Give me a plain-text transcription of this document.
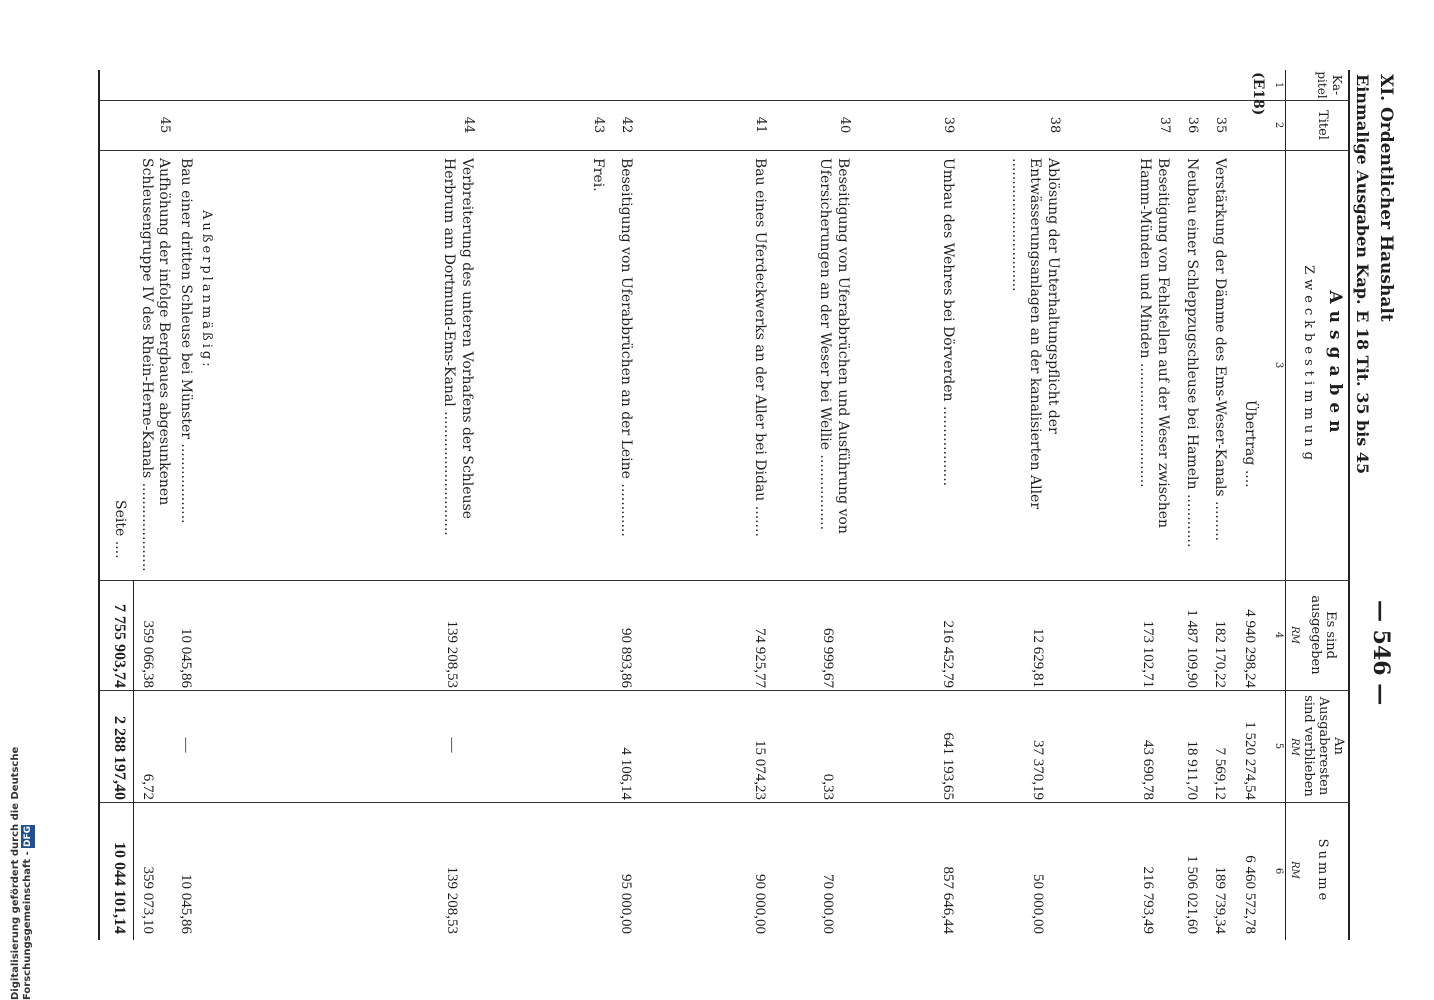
XI. Ordentlicher Haushalt
Einmalige Ausgaben Kap. E 18 Tit. 35 bis 45
— 546 —
Ka-
pitel
Titel
Ausgaben
Zweckbestimmung
Es sind
ausgegeben
An
Ausgaberesten
sind verblieben
Summe
RM
RM
RM
1
2
3
4
5
6
(E18)
Übertrag ....
4 940 298,24
1 520 274,54
6 460 572,78
35
Verstärkung der Dämme des Ems-Weser-Kanals .........
182 170,22
7 569,12
189 739,34
36
Neubau einer Schleppzugschleuse bei Hameln ............
1 487 109,90
18 911,70
1 506 021,60
37
Beseitigung von Fehlstellen auf der Weser zwischen Hamm-Münden und Minden ............................
173 102,71
43 690,78
216 793,49
38
Ablösung der Unterhaltungspflicht der Entwässerungsanlagen an der kanalisierten Aller ..............................
12 629,81
37 370,19
50 000,00
39
Umbau des Wehres bei Dörverden ..................
216 452,79
641 193,65
857 646,44
40
Beseitigung von Uferabbrüchen und Ausführung von Ufersicherungen an der Weser bei Wellie .................
69 999,67
0,33
70 000,00
41
Bau eines Uferdeckwerks an der Aller bei Didau .......
74 925,77
15 074,23
90 000,00
42
Beseitigung von Uferabbrüchen an der Leine ............
90 893,86
4 106,14
95 000,00
43
Frei.
44
Verbreiterung des unteren Vorhafens der Schleuse Herbrum am Dortmund-Ems-Kanal ............................
139 208,53
—
139 208,53
Außerplanmäßig:
Bau einer dritten Schleuse bei Münster ..................
10 045,86
—
10 045,86
45
Aufhöhung der infolge Bergbaues abgesunkenen Schleusengruppe IV des Rhein-Herne-Kanals ....................
359 066,38
6,72
359 073,10
Seite ....
7 755 903,74
2 288 197,40
10 044 101,14
Digitalisierung gefördert durch die Deutsche Forschungsgemeinschaft - DFG
